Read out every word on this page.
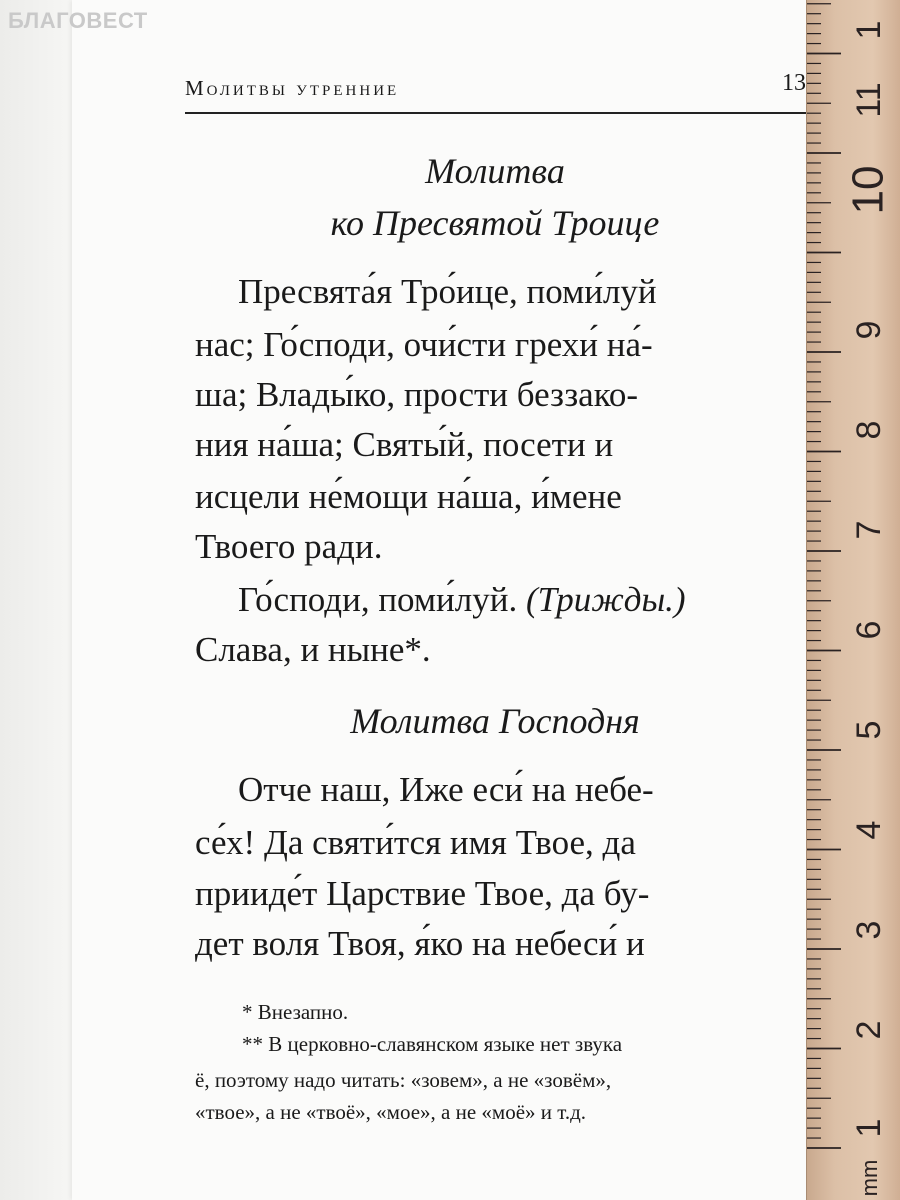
БЛАГОВЕСТ
Молитвы утренние	13
Молитва
ко Пресвятой Троице
Пресвята́я Тро́ице, поми́луй
нас; Го́споди, очи́сти грехи́ на́-
ша; Влады́ко, прости беззако-
ния на́ша; Святы́й, посети и
исцели не́мощи на́ша, и́мене
Твоего ради.
Го́споди, поми́луй. (Трижды.)
Слава, и ныне*.
Молитва Господня
Отче наш, Иже еси́ на небе-
се́х! Да святи́тся имя Твое, да
прииде́т Царствие Твое, да бу-
дет воля Твоя, я́ко на небеси́ и
* Внезапно.
** В церковно-славянском языке нет звука
ё, поэтому надо читать: «зовем», а не «зовём»,
«твое», а не «твоё», «мое», а не «моё» и т.д.
1
11
10
9
8
7
6
5
4
3
2
1
mm
